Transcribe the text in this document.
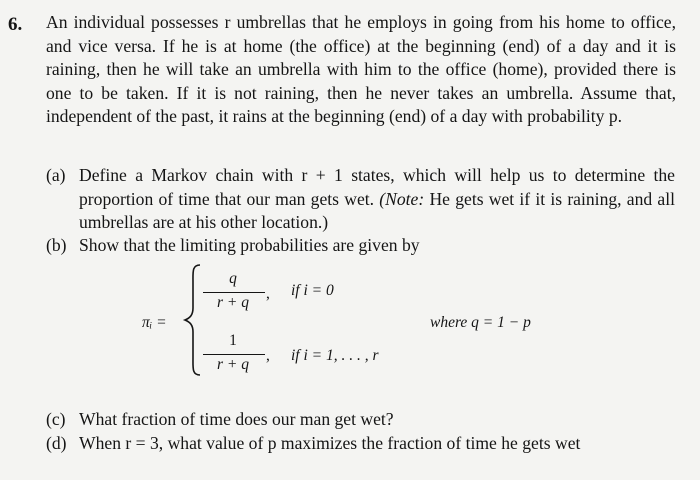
6. An individual possesses r umbrellas that he employs in going from his home to office, and vice versa. If he is at home (the office) at the beginning (end) of a day and it is raining, then he will take an umbrella with him to the office (home), provided there is one to be taken. If it is not raining, then he never takes an umbrella. Assume that, independent of the past, it rains at the beginning (end) of a day with probability p.
(a) Define a Markov chain with r + 1 states, which will help us to determine the proportion of time that our man gets wet. (Note: He gets wet if it is raining, and all umbrellas are at his other location.)
(b) Show that the limiting probabilities are given by
πᵢ =
q
r + q
, if i = 0
1
r + q
, if i = 1, . . . , r
where q = 1 − p
(c) What fraction of time does our man get wet?
(d) When r = 3, what value of p maximizes the fraction of time he gets wet
